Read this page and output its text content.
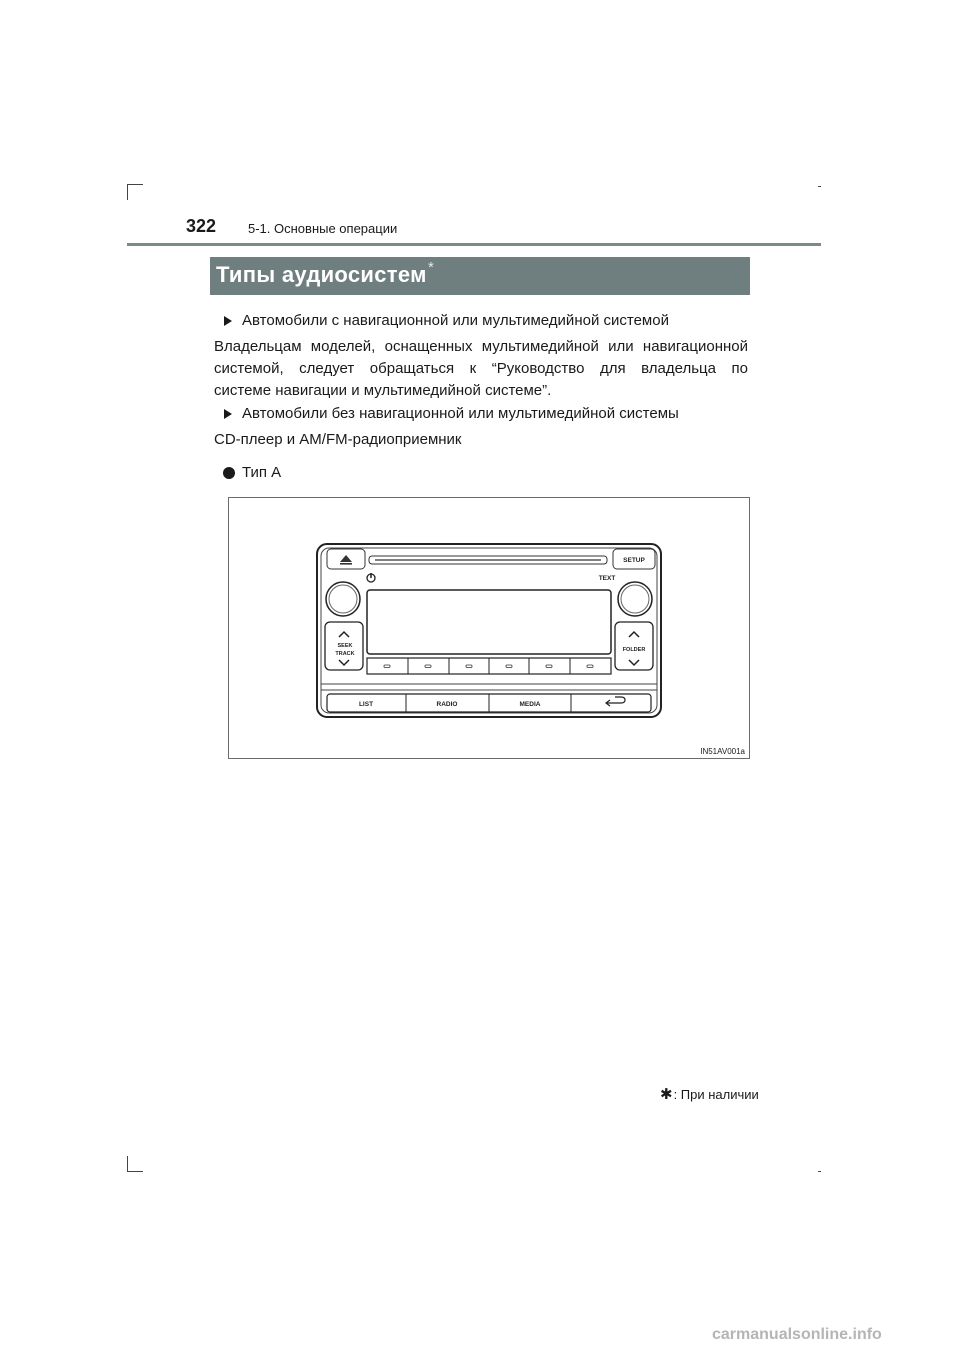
322 5-1. Основные операции
Типы аудиосистем *
Автомобили с навигационной или мультимедийной системой
Владельцам моделей, оснащенных мультимедийной или навигационной
системой, следует обращаться к “Руководство для владельца по
системе навигации и мультимедийной системе”.
Автомобили без навигационной или мультимедийной системы
CD-плеер и AM/FM-радиоприемник
Тип А
SETUP
TEXT
SEEK
TRACK
FOLDER
LIST	RADIO	MEDIA
IN51AV001a
✱: При наличии
carmanualsonline.info
